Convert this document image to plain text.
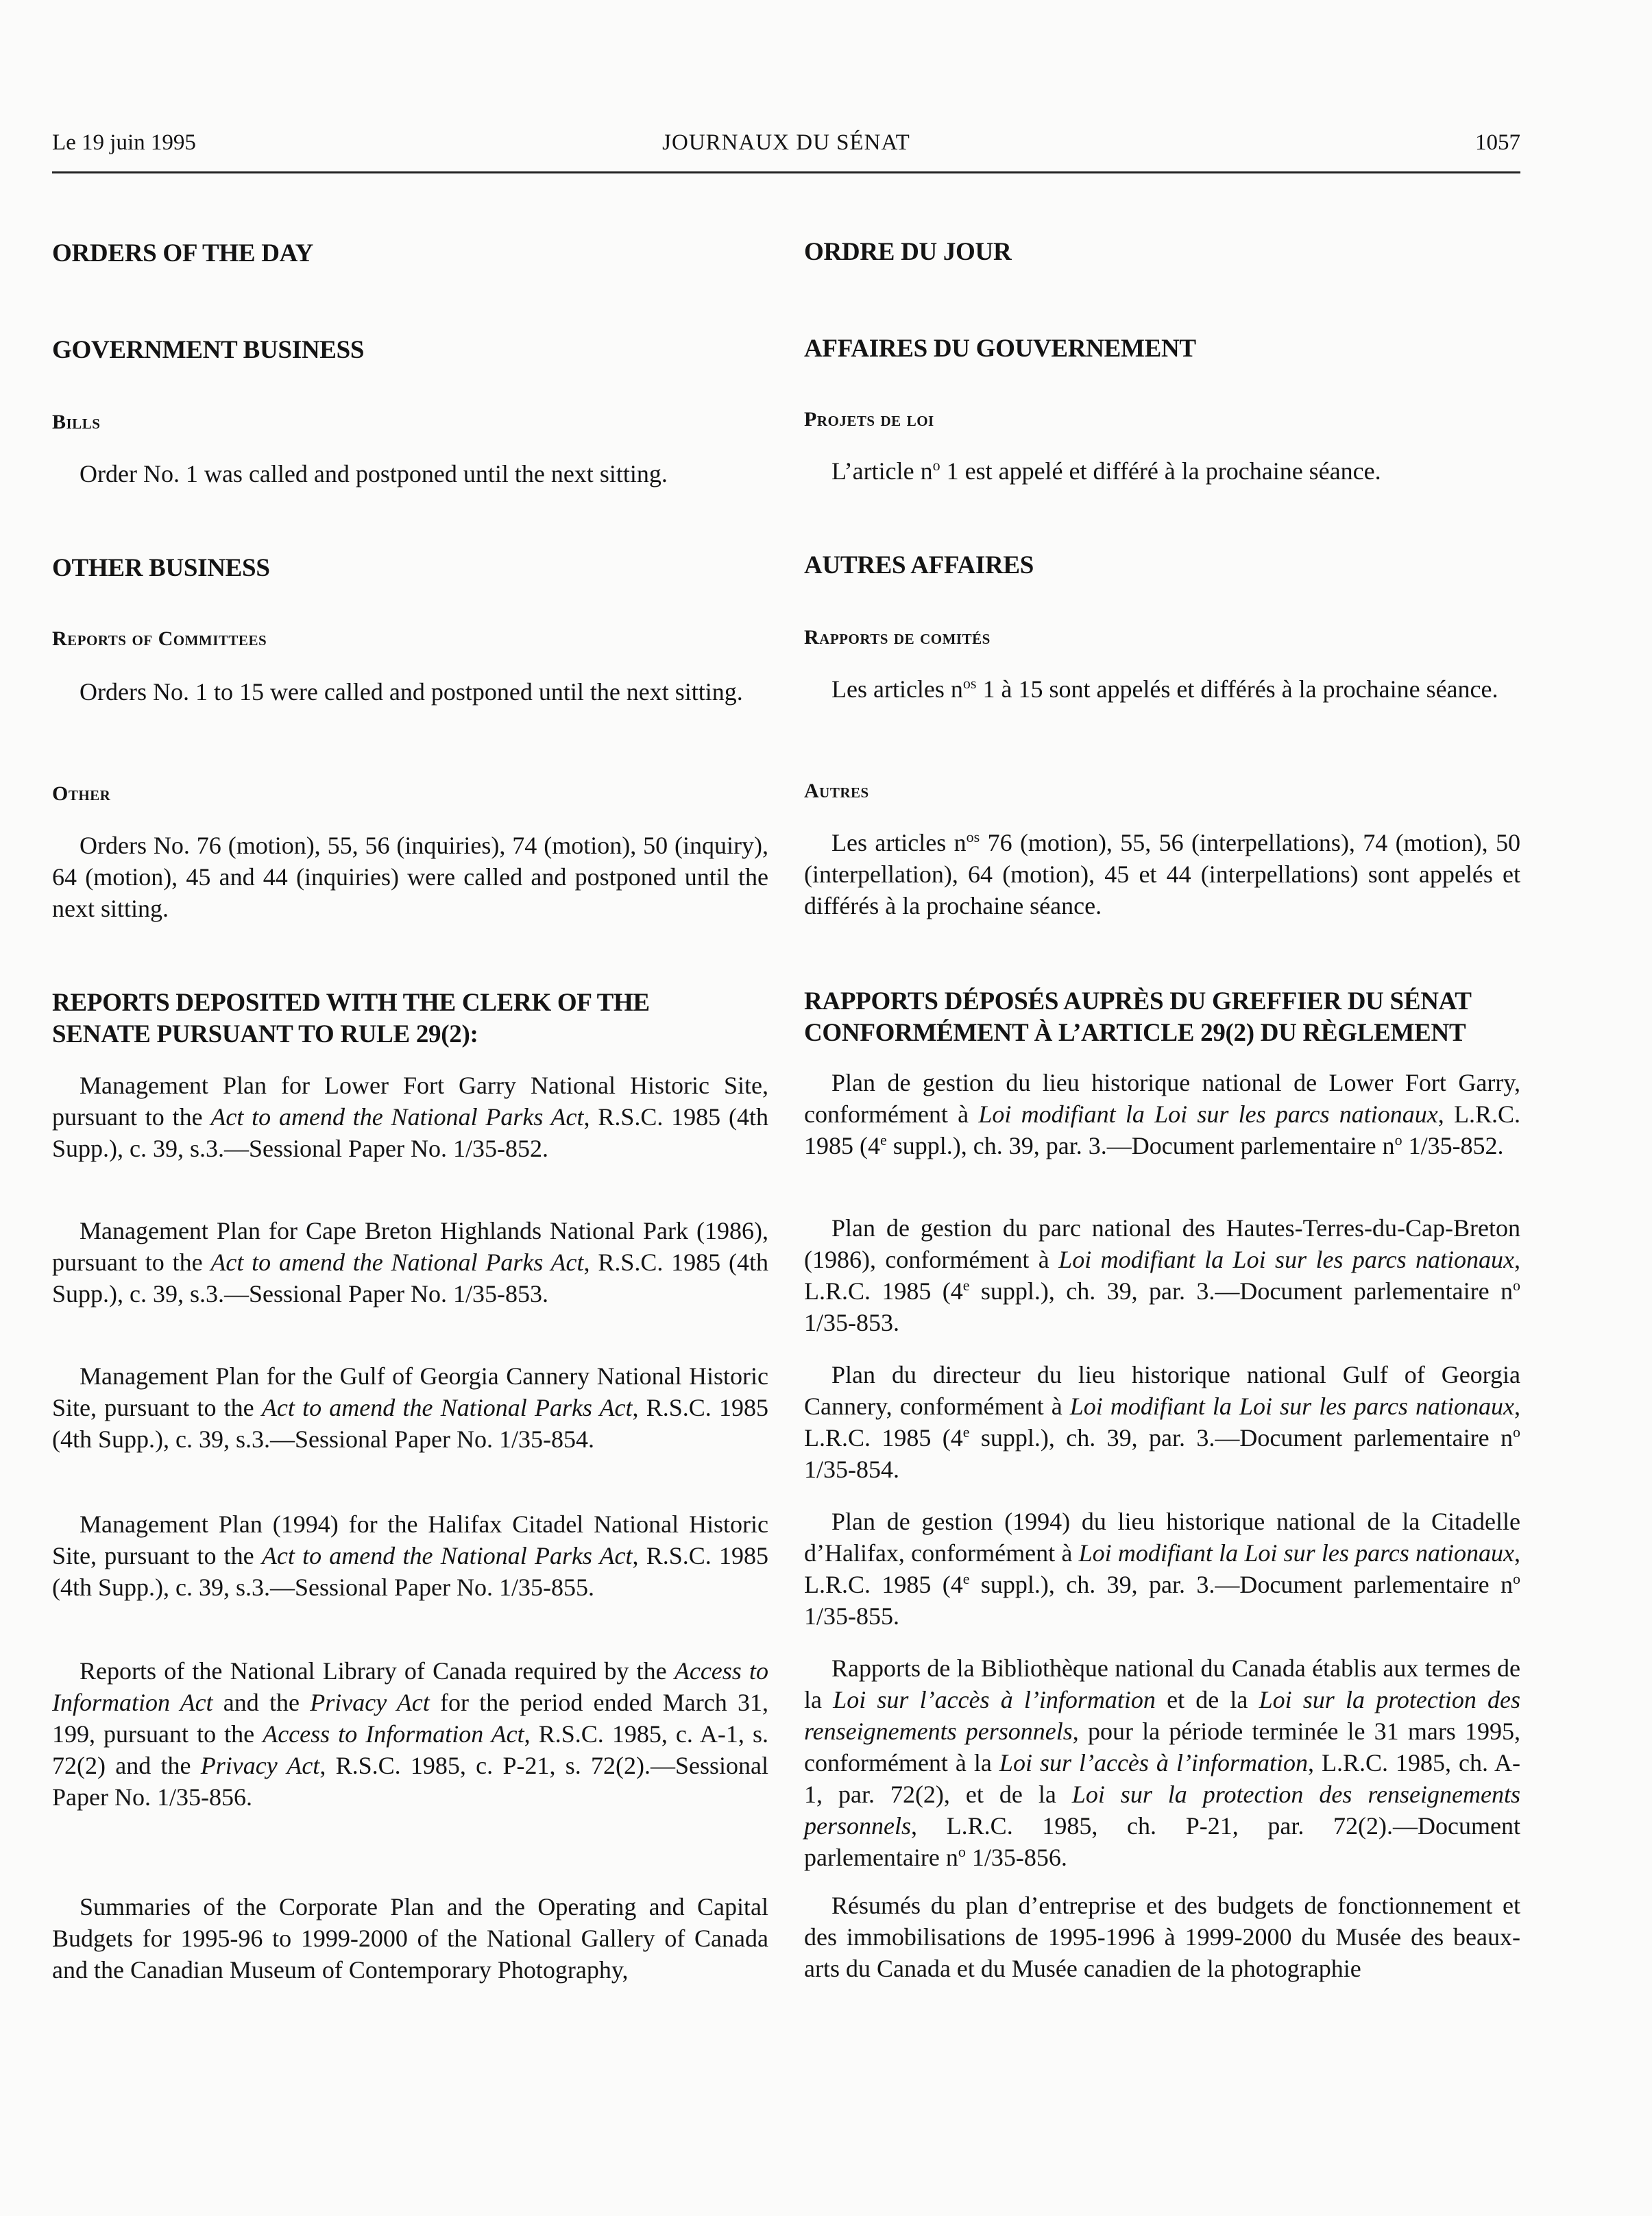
Le 19 juin 1995	JOURNAUX DU SÉNAT	1057
ORDERS OF THE DAY
GOVERNMENT BUSINESS
Bills
Order No. 1 was called and postponed until the next sitting.
OTHER BUSINESS
Reports of Committees
Orders No. 1 to 15 were called and postponed until the next sitting.
Other
Orders No. 76 (motion), 55, 56 (inquiries), 74 (motion), 50 (inquiry), 64 (motion), 45 and 44 (inquiries) were called and postponed until the next sitting.
REPORTS DEPOSITED WITH THE CLERK OF THE SENATE PURSUANT TO RULE 29(2):
Management Plan for Lower Fort Garry National Historic Site, pursuant to the Act to amend the National Parks Act, R.S.C. 1985 (4th Supp.), c. 39, s.3.—Sessional Paper No. 1/35-852.
Management Plan for Cape Breton Highlands National Park (1986), pursuant to the Act to amend the National Parks Act, R.S.C. 1985 (4th Supp.), c. 39, s.3.—Sessional Paper No. 1/35-853.
Management Plan for the Gulf of Georgia Cannery National Historic Site, pursuant to the Act to amend the National Parks Act, R.S.C. 1985 (4th Supp.), c. 39, s.3.—Sessional Paper No. 1/35-854.
Management Plan (1994) for the Halifax Citadel National Historic Site, pursuant to the Act to amend the National Parks Act, R.S.C. 1985 (4th Supp.), c. 39, s.3.—Sessional Paper No. 1/35-855.
Reports of the National Library of Canada required by the Access to Information Act and the Privacy Act for the period ended March 31, 199, pursuant to the Access to Information Act, R.S.C. 1985, c. A-1, s. 72(2) and the Privacy Act, R.S.C. 1985, c. P-21, s. 72(2).—Sessional Paper No. 1/35-856.
Summaries of the Corporate Plan and the Operating and Capital Budgets for 1995-96 to 1999-2000 of the National Gallery of Canada and the Canadian Museum of Contemporary Photography,
ORDRE DU JOUR
AFFAIRES DU GOUVERNEMENT
Projets de loi
L’article $n^o$ 1 est appelé et différé à la prochaine séance.
AUTRES AFFAIRES
Rapports de comités
Les articles $n^{os}$ 1 à 15 sont appelés et différés à la prochaine séance.
Autres
Les articles $n^{os}$ 76 (motion), 55, 56 (interpellations), 74 (motion), 50 (interpellation), 64 (motion), 45 et 44 (interpellations) sont appelés et différés à la prochaine séance.
RAPPORTS DÉPOSÉS AUPRÈS DU GREFFIER DU SÉNAT
CONFORMÉMENT À L’ARTICLE 29(2) DU RÈGLEMENT
Plan de gestion du lieu historique national de Lower Fort Garry, conformément à Loi modifiant la Loi sur les parcs nationaux, L.R.C. 1985 (4e suppl.), ch. 39, par. 3.—Document parlementaire $n^o$ 1/35-852.
Plan de gestion du parc national des Hautes-Terres-du-Cap-Breton (1986), conformément à Loi modifiant la Loi sur les parcs nationaux, L.R.C. 1985 (4e suppl.), ch. 39, par. 3.—Document parlementaire $n^o$ 1/35-853.
Plan du directeur du lieu historique national Gulf of Georgia Cannery, conformément à Loi modifiant la Loi sur les parcs nationaux, L.R.C. 1985 (4e suppl.), ch. 39, par. 3.—Document parlementaire $n^o$ 1/35-854.
Plan de gestion (1994) du lieu historique national de la Citadelle d’Halifax, conformément à Loi modifiant la Loi sur les parcs nationaux, L.R.C. 1985 (4e suppl.), ch. 39, par. 3.—Document parlementaire $n^o$ 1/35-855.
Rapports de la Bibliothèque national du Canada établis aux termes de la Loi sur l’accès à l’information et de la Loi sur la protection des renseignements personnels, pour la période terminée le 31 mars 1995, conformément à la Loi sur l’accès à l’information, L.R.C. 1985, ch. A-1, par. 72(2), et de la Loi sur la protection des renseignements personnels, L.R.C. 1985, ch. P-21, par. 72(2).—Document parlementaire $n^o$ 1/35-856.
Résumés du plan d’entreprise et des budgets de fonctionnement et des immobilisations de 1995-1996 à 1999-2000 du Musée des beaux-arts du Canada et du Musée canadien de la photographie
